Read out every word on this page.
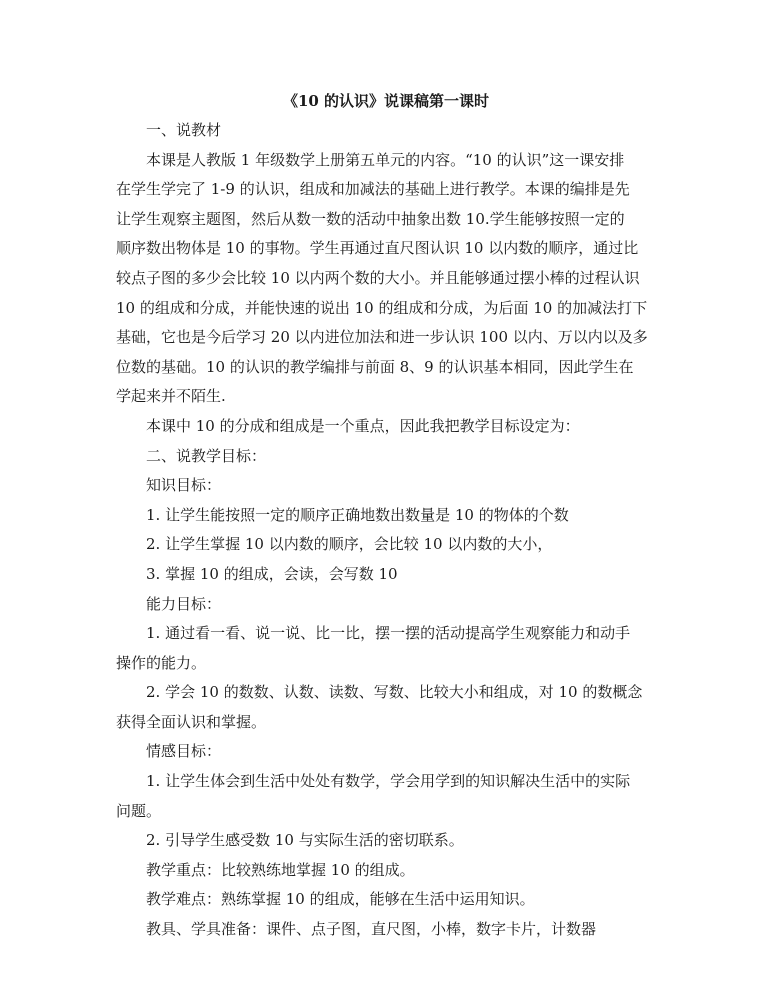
《10 的认识》说课稿第一课时

一、说教材

本课是人教版 1 年级数学上册第五单元的内容。“10 的认识”这一课安排
在学生学完了 1-9 的认识，组成和加减法的基础上进行教学。本课的编排是先
让学生观察主题图，然后从数一数的活动中抽象出数 10.学生能够按照一定的
顺序数出物体是 10 的事物。学生再通过直尺图认识 10 以内数的顺序，通过比
较点子图的多少会比较 10 以内两个数的大小。并且能够通过摆小棒的过程认识
10 的组成和分成，并能快速的说出 10 的组成和分成，为后面 10 的加减法打下
基础，它也是今后学习 20 以内进位加法和进一步认识 100 以内、万以内以及多
位数的基础。10 的认识的教学编排与前面 8、9 的认识基本相同，因此学生在
学起来并不陌生.

本课中 10 的分成和组成是一个重点，因此我把教学目标设定为：

二、说教学目标：

知识目标：

1. 让学生能按照一定的顺序正确地数出数量是 10 的物体的个数

2. 让学生掌握 10 以内数的顺序，会比较 10 以内数的大小，

3. 掌握 10 的组成，会读，会写数 10

能力目标：

1. 通过看一看、说一说、比一比，摆一摆的活动提高学生观察能力和动手
操作的能力。
2. 学会 10 的数数、认数、读数、写数、比较大小和组成，对 10 的数概念
获得全面认识和掌握。

情感目标：

1. 让学生体会到生活中处处有数学，学会用学到的知识解决生活中的实际
问题。

2. 引导学生感受数 10 与实际生活的密切联系。

教学重点：比较熟练地掌握 10 的组成。

教学难点：熟练掌握 10 的组成，能够在生活中运用知识。

教具、学具准备：课件、点子图，直尺图，小棒，数字卡片，计数器
